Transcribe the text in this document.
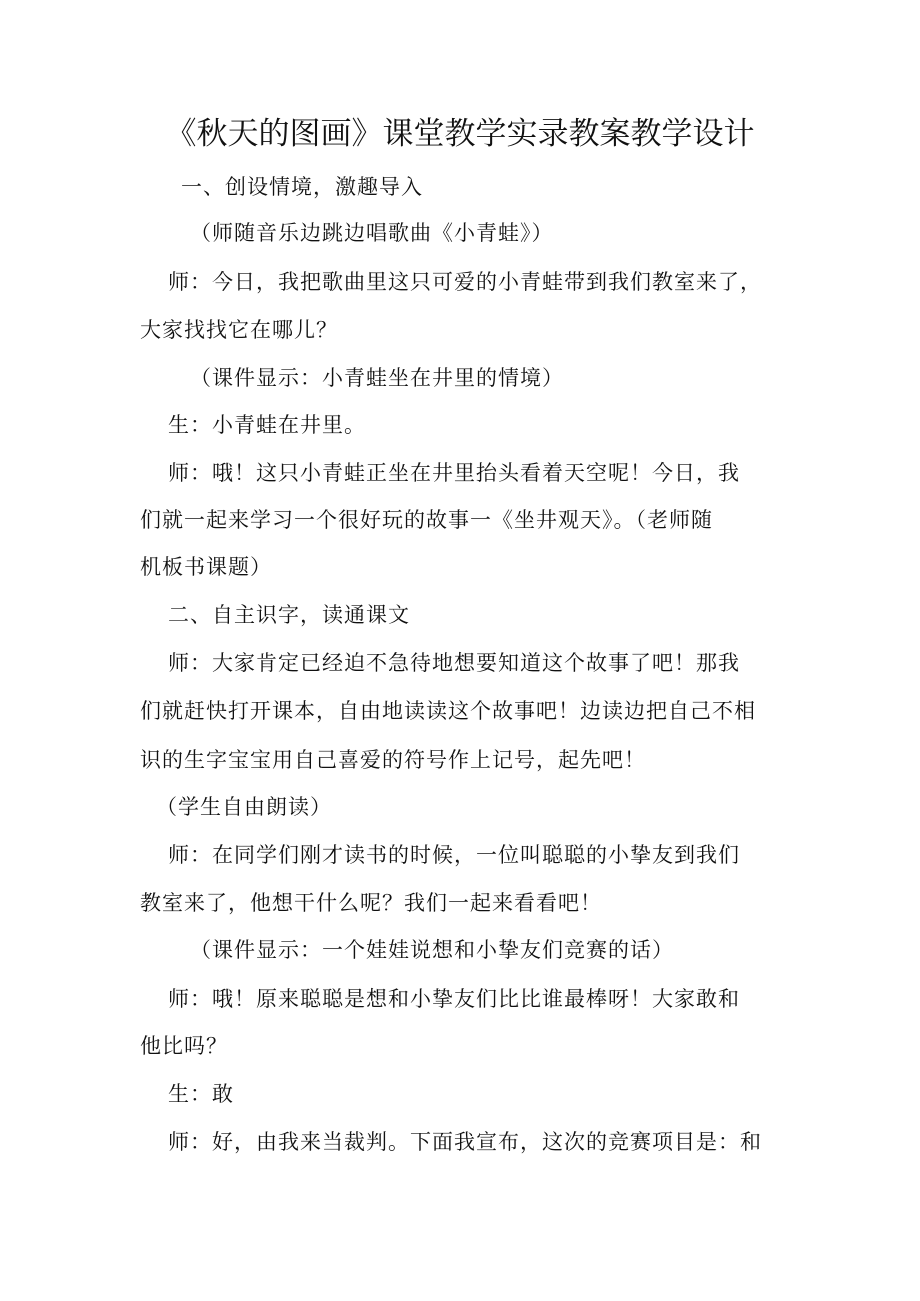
《秋天的图画》课堂教学实录教案教学设计
一、创设情境，激趣导入
（师随音乐边跳边唱歌曲《小青蛙》）
师：今日，我把歌曲里这只可爱的小青蛙带到我们教室来了，
大家找找它在哪儿？
（课件显示：小青蛙坐在井里的情境）
生：小青蛙在井里。
师：哦！这只小青蛙正坐在井里抬头看着天空呢！今日，我
们就一起来学习一个很好玩的故事一《坐井观天》。（老师随
机板书课题）
二、自主识字，读通课文
师：大家肯定已经迫不急待地想要知道这个故事了吧！那我
们就赶快打开课本，自由地读读这个故事吧！边读边把自己不相
识的生字宝宝用自己喜爱的符号作上记号，起先吧！
（学生自由朗读）
师：在同学们刚才读书的时候，一位叫聪聪的小挚友到我们
教室来了，他想干什么呢？我们一起来看看吧！
（课件显示：一个娃娃说想和小挚友们竞赛的话）
师：哦！原来聪聪是想和小挚友们比比谁最棒呀！大家敢和
他比吗？
生：敢
师：好，由我来当裁判。下面我宣布，这次的竞赛项目是：和
